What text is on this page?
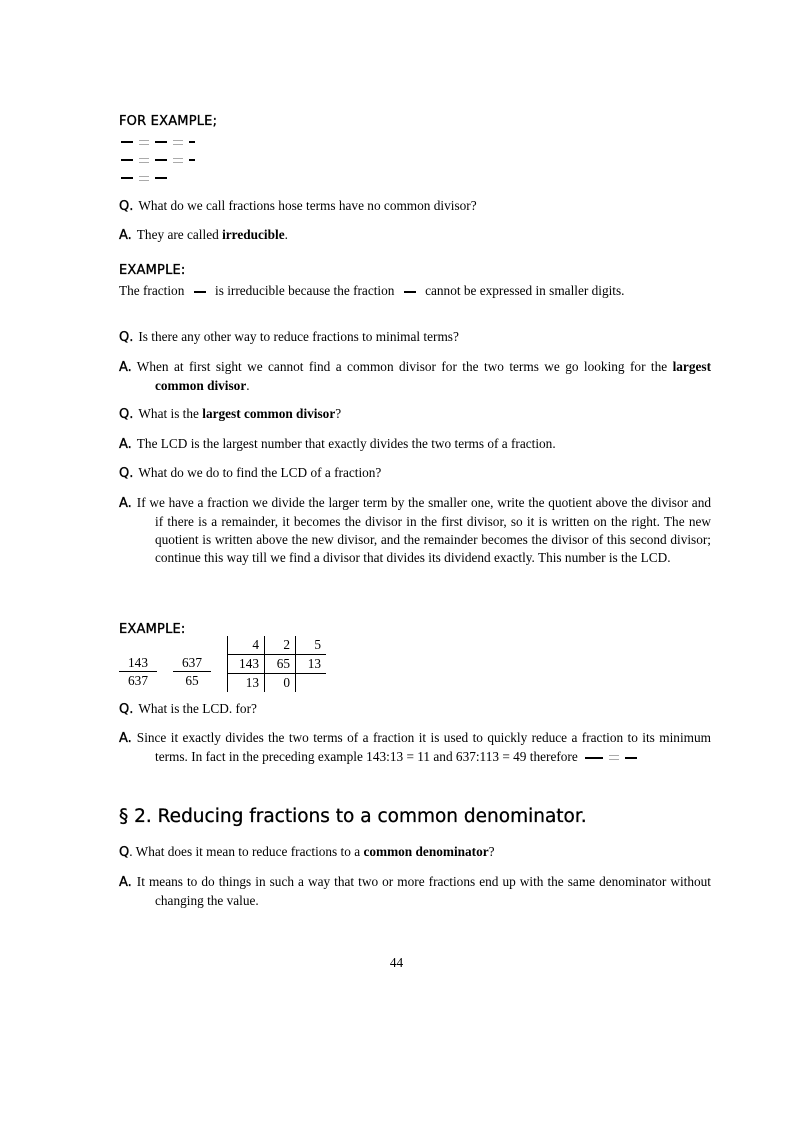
FOR EXAMPLE;
Q. What do we call fractions hose terms have no common divisor?
A. They are called irreducible.
EXAMPLE:
The fraction is irreducible because the fraction cannot be expressed in smaller digits.
Q. Is there any other way to reduce fractions to minimal terms?
A. When at first sight we cannot find a common divisor for the two terms we go looking for the largest common divisor.
Q. What is the largest common divisor?
A. The LCD is the largest number that exactly divides the two terms of a fraction.
Q. What do we do to find the LCD of a fraction?
A. If we have a fraction we divide the larger term by the smaller one, write the quotient above the divisor and if there is a remainder, it becomes the divisor in the first divisor, so it is written on the right. The new quotient is written above the new divisor, and the remainder becomes the divisor of this second divisor; continue this way till we find a divisor that divides its dividend exactly. This number is the LCD.
EXAMPLE:
$\frac{143}{637} \frac{637}{65}$
4	2	5
143	65	13
13	0	
Q. What is the LCD. for?
A. Since it exactly divides the two terms of a fraction it is used to quickly reduce a fraction to its minimum terms. In fact in the preceding example 143:13 = 11 and 637:113 = 49 therefore
§ 2. Reducing fractions to a common denominator.
Q. What does it mean to reduce fractions to a common denominator?
A. It means to do things in such a way that two or more fractions end up with the same denominator without changing the value.
44
